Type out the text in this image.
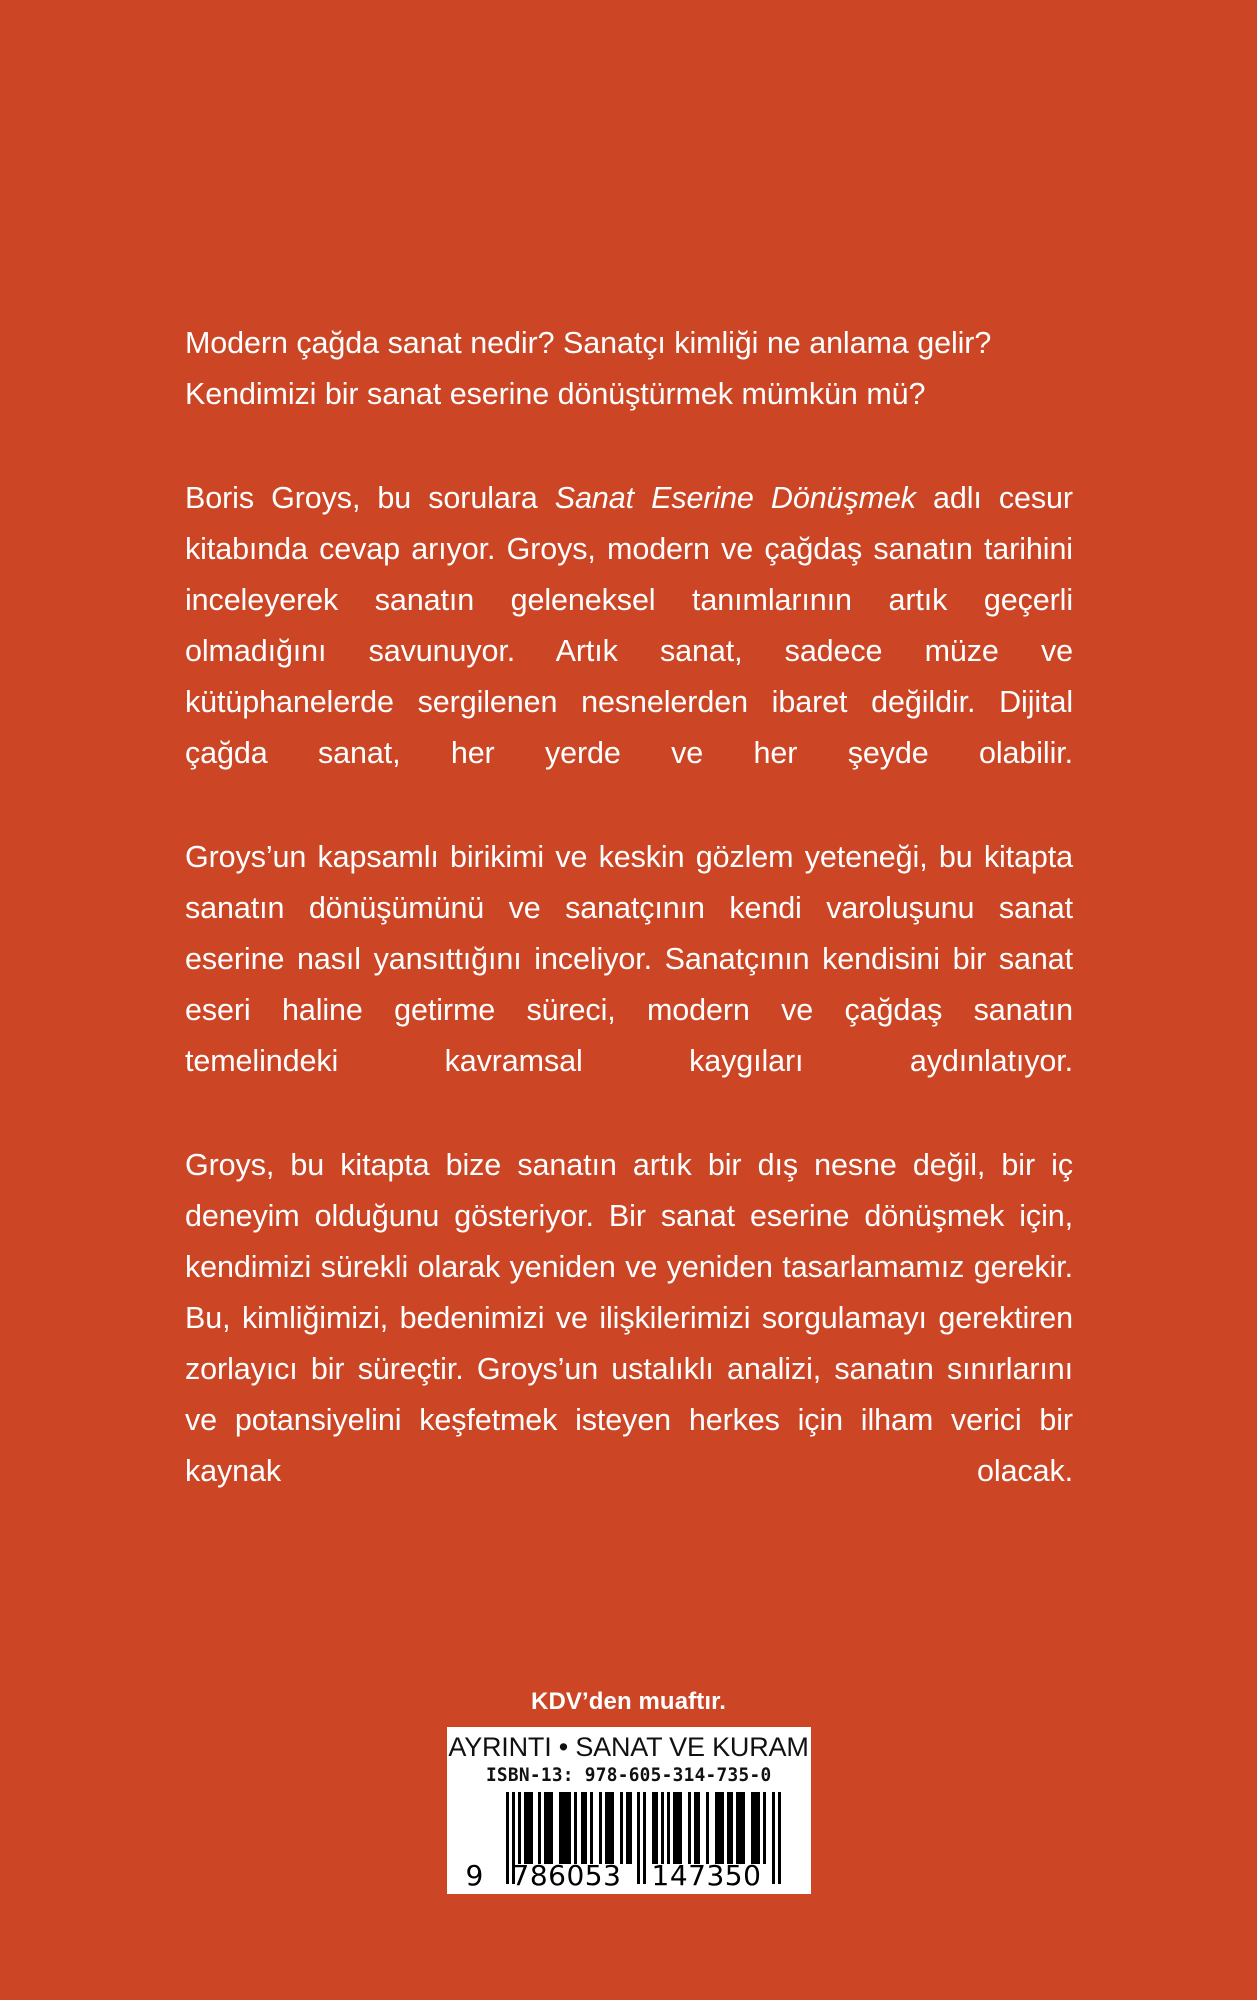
Modern çağda sanat nedir? Sanatçı kimliği ne anlama gelir? Kendimizi bir sanat eserine dönüştürmek mümkün mü?

Boris Groys, bu sorulara Sanat Eserine Dönüşmek adlı cesur kitabında cevap arıyor. Groys, modern ve çağdaş sanatın tarihini inceleyerek sanatın geleneksel tanımlarının artık geçerli olmadığını savunuyor. Artık sanat, sadece müze ve kütüphanelerde sergilenen nesnelerden ibaret değildir. Dijital çağda sanat, her yerde ve her şeyde olabilir.

Groys’un kapsamlı birikimi ve keskin gözlem yeteneği, bu kitapta sanatın dönüşümünü ve sanatçının kendi varoluşunu sanat eserine nasıl yansıttığını inceliyor. Sanatçının kendisini bir sanat eseri haline getirme süreci, modern ve çağdaş sanatın temelindeki kavramsal kaygıları aydınlatıyor.

Groys, bu kitapta bize sanatın artık bir dış nesne değil, bir iç deneyim olduğunu gösteriyor. Bir sanat eserine dönüşmek için, kendimizi sürekli olarak yeniden ve yeniden tasarlamamız gerekir. Bu, kimliğimizi, bedenimizi ve ilişkilerimizi sorgulamayı gerektiren zorlayıcı bir süreçtir. Groys’un ustalıklı analizi, sanatın sınırlarını ve potansiyelini keşfetmek isteyen herkes için ilham verici bir kaynak olacak.

KDV’den muaftır.
AYRINTI • SANAT VE KURAM
ISBN-13: 978-605-314-735-0
9 786053 147350
